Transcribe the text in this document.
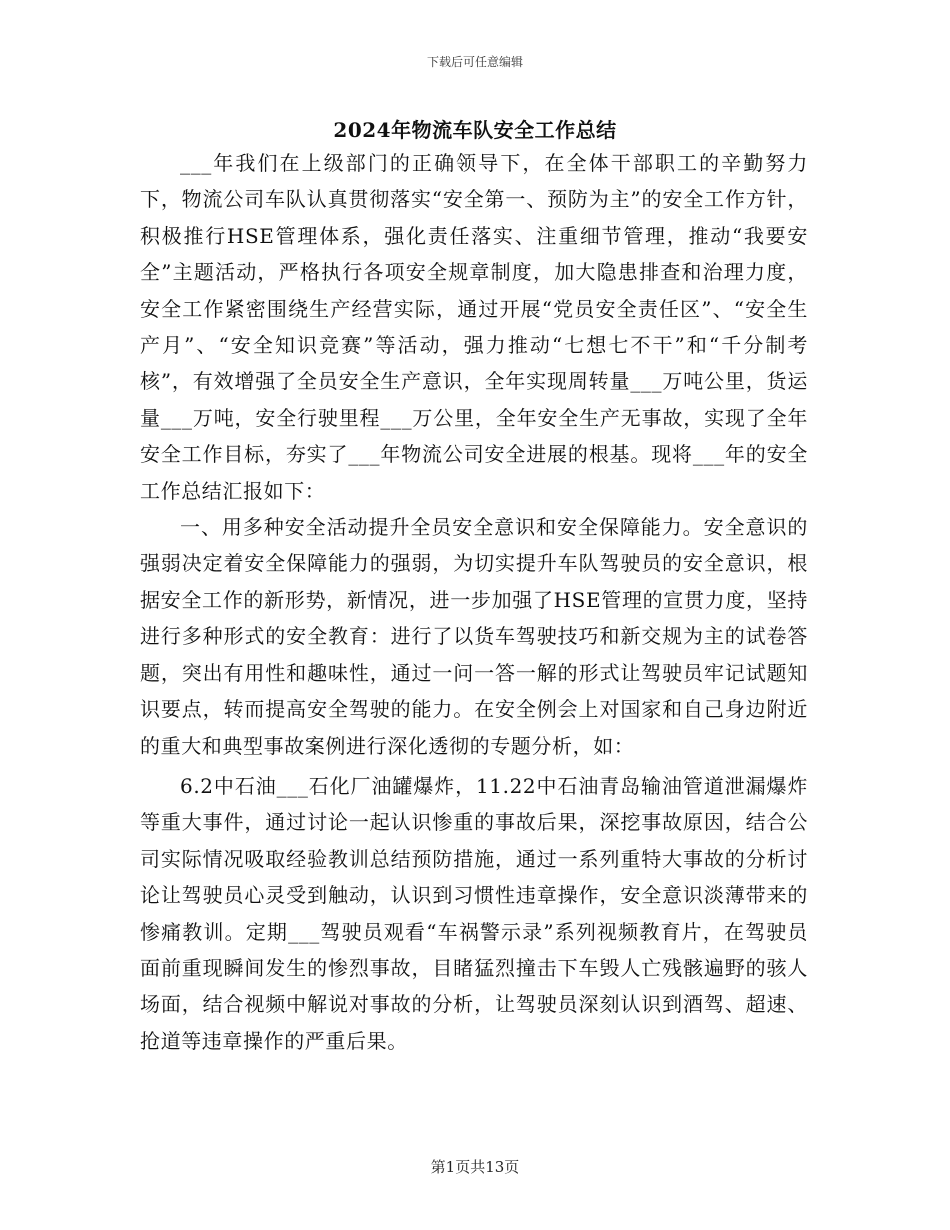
下载后可任意编辑
2024年物流车队安全工作总结

___年我们在上级部门的正确领导下，在全体干部职工的辛勤努力下，物流公司车队认真贯彻落实“安全第一、预防为主”的安全工作方针，积极推行HSE管理体系，强化责任落实、注重细节管理，推动“我要安全”主题活动，严格执行各项安全规章制度，加大隐患排查和治理力度，安全工作紧密围绕生产经营实际，通过开展“党员安全责任区”、“安全生产月”、“安全知识竞赛”等活动，强力推动“七想七不干”和“千分制考核”，有效增强了全员安全生产意识，全年实现周转量___万吨公里，货运量___万吨，安全行驶里程___万公里，全年安全生产无事故，实现了全年安全工作目标，夯实了___年物流公司安全进展的根基。现将___年的安全工作总结汇报如下：

一、用多种安全活动提升全员安全意识和安全保障能力。安全意识的强弱决定着安全保障能力的强弱，为切实提升车队驾驶员的安全意识，根据安全工作的新形势，新情况，进一步加强了HSE管理的宣贯力度，坚持进行多种形式的安全教育：进行了以货车驾驶技巧和新交规为主的试卷答题，突出有用性和趣味性，通过一问一答一解的形式让驾驶员牢记试题知识要点，转而提高安全驾驶的能力。在安全例会上对国家和自己身边附近的重大和典型事故案例进行深化透彻的专题分析，如：

6.2中石油___石化厂油罐爆炸，11.22中石油青岛输油管道泄漏爆炸等重大事件，通过讨论一起认识惨重的事故后果，深挖事故原因，结合公司实际情况吸取经验教训总结预防措施，通过一系列重特大事故的分析讨论让驾驶员心灵受到触动，认识到习惯性违章操作，安全意识淡薄带来的惨痛教训。定期___驾驶员观看“车祸警示录”系列视频教育片，在驾驶员面前重现瞬间发生的惨烈事故，目睹猛烈撞击下车毁人亡残骸遍野的骇人场面，结合视频中解说对事故的分析，让驾驶员深刻认识到酒驾、超速、抢道等违章操作的严重后果。

第1页共13页
